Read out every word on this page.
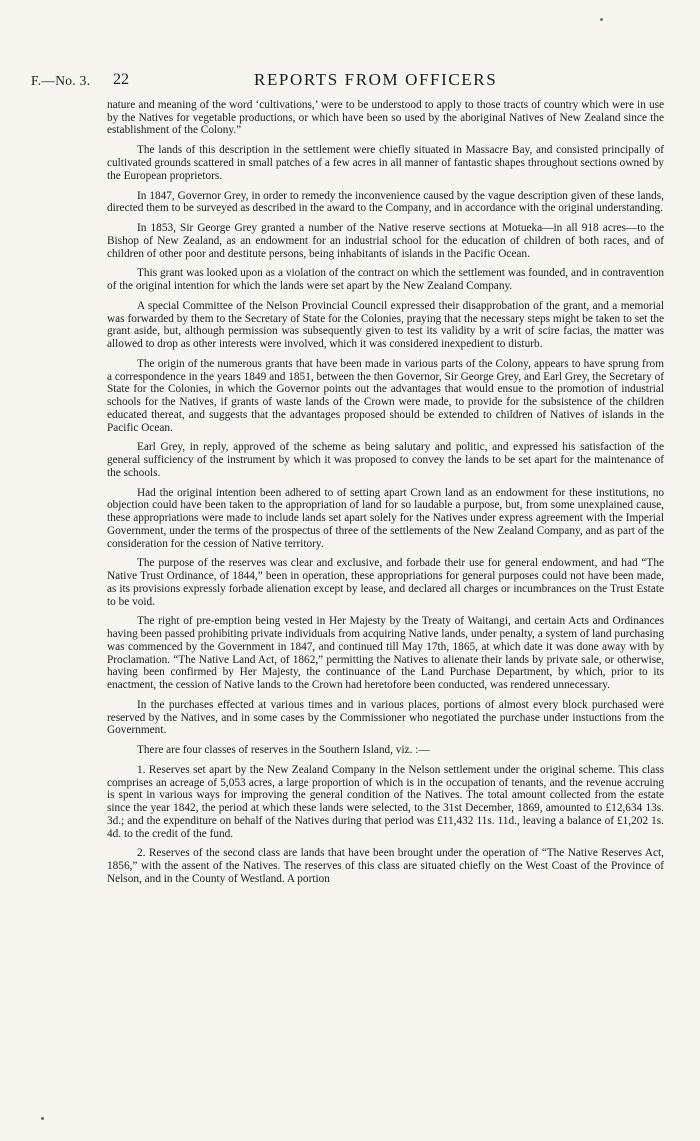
F.—No. 3. 22	REPORTS FROM OFFICERS

nature and meaning of the word ‘cultivations,’ were to be understood to apply to those tracts of country which were in use by the Natives for vegetable productions, or which have been so used by the aboriginal Natives of New Zealand since the establishment of the Colony.”

The lands of this description in the settlement were chiefly situated in Massacre Bay, and consisted principally of cultivated grounds scattered in small patches of a few acres in all manner of fantastic shapes throughout sections owned by the European proprietors.

In 1847, Governor Grey, in order to remedy the inconvenience caused by the vague description given of these lands, directed them to be surveyed as described in the award to the Company, and in accordance with the original understanding.

In 1853, Sir George Grey granted a number of the Native reserve sections at Motueka—in all 918 acres—to the Bishop of New Zealand, as an endowment for an industrial school for the education of children of both races, and of children of other poor and destitute persons, being inhabitants of islands in the Pacific Ocean.

This grant was looked upon as a violation of the contract on which the settlement was founded, and in contravention of the original intention for which the lands were set apart by the New Zealand Company.

A special Committee of the Nelson Provincial Council expressed their disapprobation of the grant, and a memorial was forwarded by them to the Secretary of State for the Colonies, praying that the necessary steps might be taken to set the grant aside, but, although permission was subsequently given to test its validity by a writ of scire facias, the matter was allowed to drop as other interests were involved, which it was considered inexpedient to disturb.

The origin of the numerous grants that have been made in various parts of the Colony, appears to have sprung from a correspondence in the years 1849 and 1851, between the then Governor, Sir George Grey, and Earl Grey, the Secretary of State for the Colonies, in which the Governor points out the advantages that would ensue to the promotion of industrial schools for the Natives, if grants of waste lands of the Crown were made, to provide for the subsistence of the children educated thereat, and suggests that the advantages proposed should be extended to children of Natives of islands in the Pacific Ocean.

Earl Grey, in reply, approved of the scheme as being salutary and politic, and expressed his satisfaction of the general sufficiency of the instrument by which it was proposed to convey the lands to be set apart for the maintenance of the schools.

Had the original intention been adhered to of setting apart Crown land as an endowment for these institutions, no objection could have been taken to the appropriation of land for so laudable a purpose, but, from some unexplained cause, these appropriations were made to include lands set apart solely for the Natives under express agreement with the Imperial Government, under the terms of the prospectus of three of the settlements of the New Zealand Company, and as part of the consideration for the cession of Native territory.

The purpose of the reserves was clear and exclusive, and forbade their use for general endowment, and had “The Native Trust Ordinance, of 1844,” been in operation, these appropriations for general purposes could not have been made, as its provisions expressly forbade alienation except by lease, and declared all charges or incumbrances on the Trust Estate to be void.

The right of pre-emption being vested in Her Majesty by the Treaty of Waitangi, and certain Acts and Ordinances having been passed prohibiting private individuals from acquiring Native lands, under penalty, a system of land purchasing was commenced by the Government in 1847, and continued till May 17th, 1865, at which date it was done away with by Proclamation. “The Native Land Act, of 1862,” permitting the Natives to alienate their lands by private sale, or otherwise, having been confirmed by Her Majesty, the continuance of the Land Purchase Department, by which, prior to its enactment, the cession of Native lands to the Crown had heretofore been conducted, was rendered unnecessary.

In the purchases effected at various times and in various places, portions of almost every block purchased were reserved by the Natives, and in some cases by the Commissioner who negotiated the purchase under instuctions from the Government.

There are four classes of reserves in the Southern Island, viz. :—

1. Reserves set apart by the New Zealand Company in the Nelson settlement under the original scheme. This class comprises an acreage of 5,053 acres, a large proportion of which is in the occupation of tenants, and the revenue accruing is spent in various ways for improving the general condition of the Natives. The total amount collected from the estate since the year 1842, the period at which these lands were selected, to the 31st December, 1869, amounted to £12,634 13s. 3d.; and the expenditure on behalf of the Natives during that period was £11,432 11s. 11d., leaving a balance of £1,202 1s. 4d. to the credit of the fund.

2. Reserves of the second class are lands that have been brought under the operation of “The Native Reserves Act, 1856,” with the assent of the Natives. The reserves of this class are situated chiefly on the West Coast of the Province of Nelson, and in the County of Westland. A portion
